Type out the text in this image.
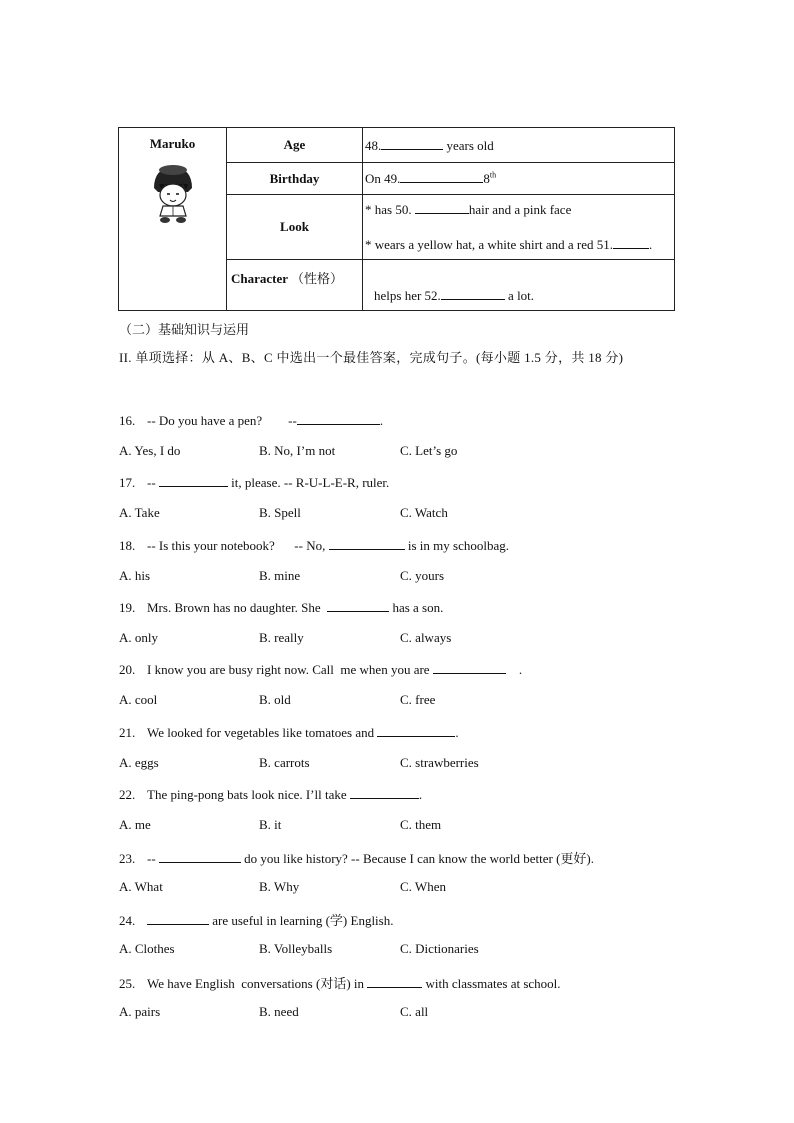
Maruko	Age	48. years old
	Birthday	On 49. 8th
	Look	* has 50. hair and a pink face
* wears a yellow hat, a white shirt and a red 51. .

	Character （性格）	helps her 52. a lot.
（二）基础知识与运用
II. 单项选择：从 A、B、C 中选出一个最佳答案，完成句子。(每小题 1.5 分，共 18 分)
16. -- Do you have a pen?        --	.
A. Yes, I do	B. No, I’m not	C. Let’s go
17. --	it, please. -- R-U-L-E-R, ruler.
A. Take	B. Spell	C. Watch
18. -- Is this your notebook?      -- No,	is in my schoolbag.
A. his	B. mine	C. yours
19. Mrs. Brown has no daughter. She	has a son.
A. only	B. really	C. always
20. I know you are busy right now. Call  me when you are	.
A. cool	B. old	C. free
21. We looked for vegetables like tomatoes and	.
A. eggs	B. carrots	C. strawberries
22. The ping-pong bats look nice. I’ll take	.
A. me	B. it	C. them
23. --	do you like history? -- Because I can know the world better (更好).
A. What	B. Why	C. When
24.	are useful in learning (学) English.
A. Clothes	B. Volleyballs	C. Dictionaries
25. We have English  conversations (对话) in	with classmates at school.
A. pairs	B. need	C. all
